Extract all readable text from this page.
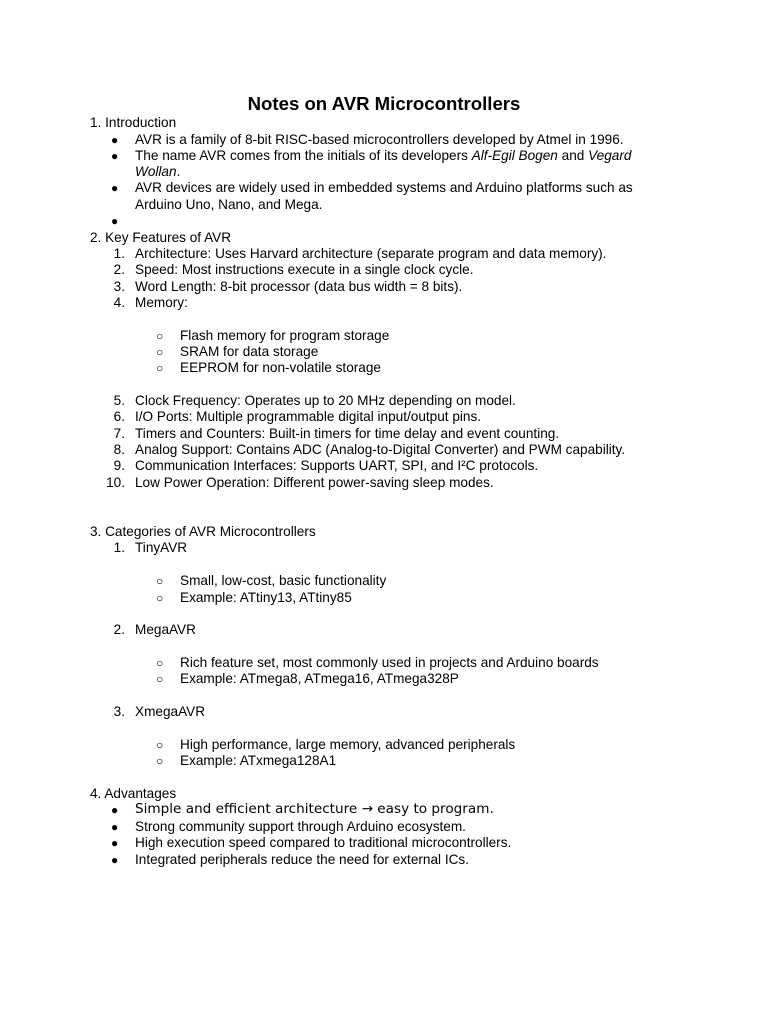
Notes on AVR Microcontrollers
1. Introduction
● AVR is a family of 8-bit RISC-based microcontrollers developed by Atmel in 1996.
● The name AVR comes from the initials of its developers Alf-Egil Bogen and Vegard
Wollan.
● AVR devices are widely used in embedded systems and Arduino platforms such as
Arduino Uno, Nano, and Mega.
●
2. Key Features of AVR
1. Architecture: Uses Harvard architecture (separate program and data memory).
2. Speed: Most instructions execute in a single clock cycle.
3. Word Length: 8-bit processor (data bus width = 8 bits).
4. Memory:
○ Flash memory for program storage
○ SRAM for data storage
○ EEPROM for non-volatile storage
5. Clock Frequency: Operates up to 20 MHz depending on model.
6. I/O Ports: Multiple programmable digital input/output pins.
7. Timers and Counters: Built-in timers for time delay and event counting.
8. Analog Support: Contains ADC (Analog-to-Digital Converter) and PWM capability.
9. Communication Interfaces: Supports UART, SPI, and I²C protocols.
10. Low Power Operation: Different power-saving sleep modes.
3. Categories of AVR Microcontrollers
1. TinyAVR
○ Small, low-cost, basic functionality
○ Example: ATtiny13, ATtiny85
2. MegaAVR
○ Rich feature set, most commonly used in projects and Arduino boards
○ Example: ATmega8, ATmega16, ATmega328P
3. XmegaAVR
○ High performance, large memory, advanced peripherals
○ Example: ATxmega128A1
4. Advantages
● Simple and efficient architecture → easy to program.
● Strong community support through Arduino ecosystem.
● High execution speed compared to traditional microcontrollers.
● Integrated peripherals reduce the need for external ICs.
